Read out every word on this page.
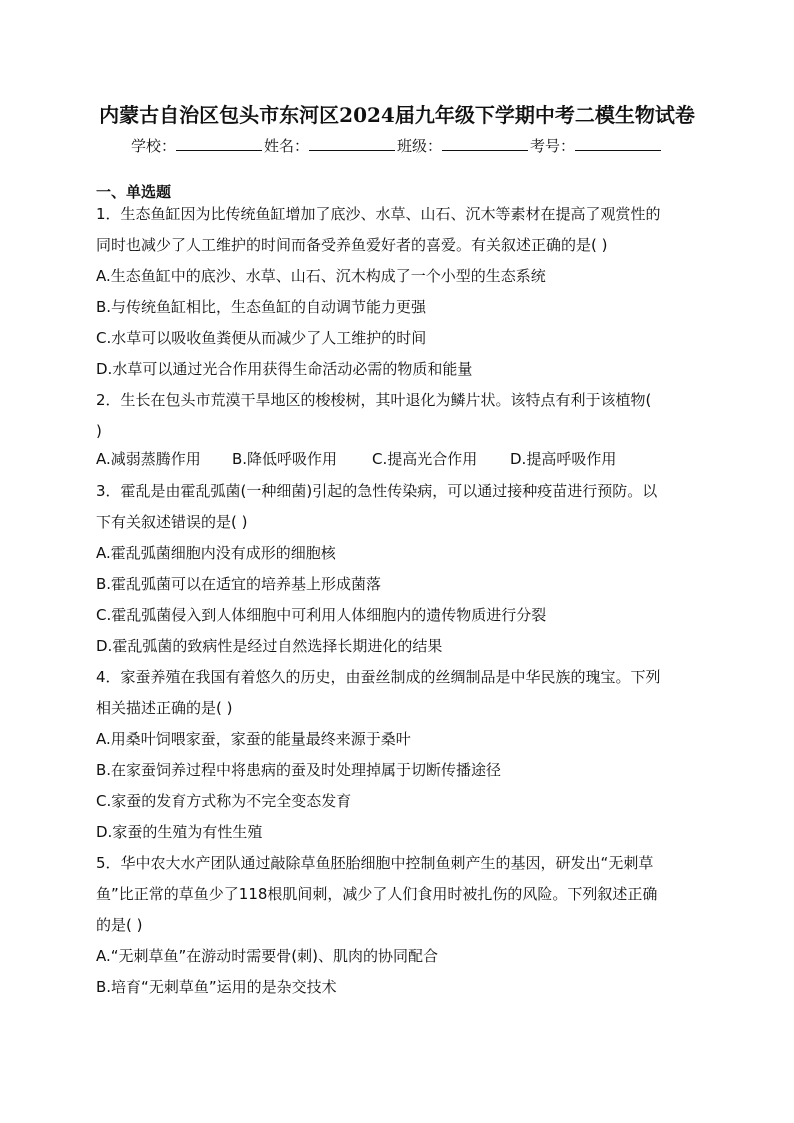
内蒙古自治区包头市东河区2024届九年级下学期中考二模生物试卷
学校：	姓名：	班级：	考号：
一、单选题
1．生态鱼缸因为比传统鱼缸增加了底沙、水草、山石、沉木等素材在提高了观赏性的
同时也减少了人工维护的时间而备受养鱼爱好者的喜爱。有关叙述正确的是( )
A.生态鱼缸中的底沙、水草、山石、沉木构成了一个小型的生态系统
B.与传统鱼缸相比，生态鱼缸的自动调节能力更强
C.水草可以吸收鱼粪便从而减少了人工维护的时间
D.水草可以通过光合作用获得生命活动必需的物质和能量
2．生长在包头市荒漠干旱地区的梭梭树，其叶退化为鳞片状。该特点有利于该植物(
)
A.减弱蒸腾作用 B.降低呼吸作用 C.提高光合作用 D.提高呼吸作用
3．霍乱是由霍乱弧菌(一种细菌)引起的急性传染病，可以通过接种疫苗进行预防。以
下有关叙述错误的是( )
A.霍乱弧菌细胞内没有成形的细胞核
B.霍乱弧菌可以在适宜的培养基上形成菌落
C.霍乱弧菌侵入到人体细胞中可利用人体细胞内的遗传物质进行分裂
D.霍乱弧菌的致病性是经过自然选择长期进化的结果
4．家蚕养殖在我国有着悠久的历史，由蚕丝制成的丝绸制品是中华民族的瑰宝。下列
相关描述正确的是( )
A.用桑叶饲喂家蚕，家蚕的能量最终来源于桑叶
B.在家蚕饲养过程中将患病的蚕及时处理掉属于切断传播途径
C.家蚕的发育方式称为不完全变态发育
D.家蚕的生殖为有性生殖
5．华中农大水产团队通过敲除草鱼胚胎细胞中控制鱼刺产生的基因，研发出“无刺草
鱼”比正常的草鱼少了118根肌间刺，减少了人们食用时被扎伤的风险。下列叙述正确
的是( )
A.“无刺草鱼”在游动时需要骨(刺)、肌肉的协同配合
B.培育“无刺草鱼”运用的是杂交技术
